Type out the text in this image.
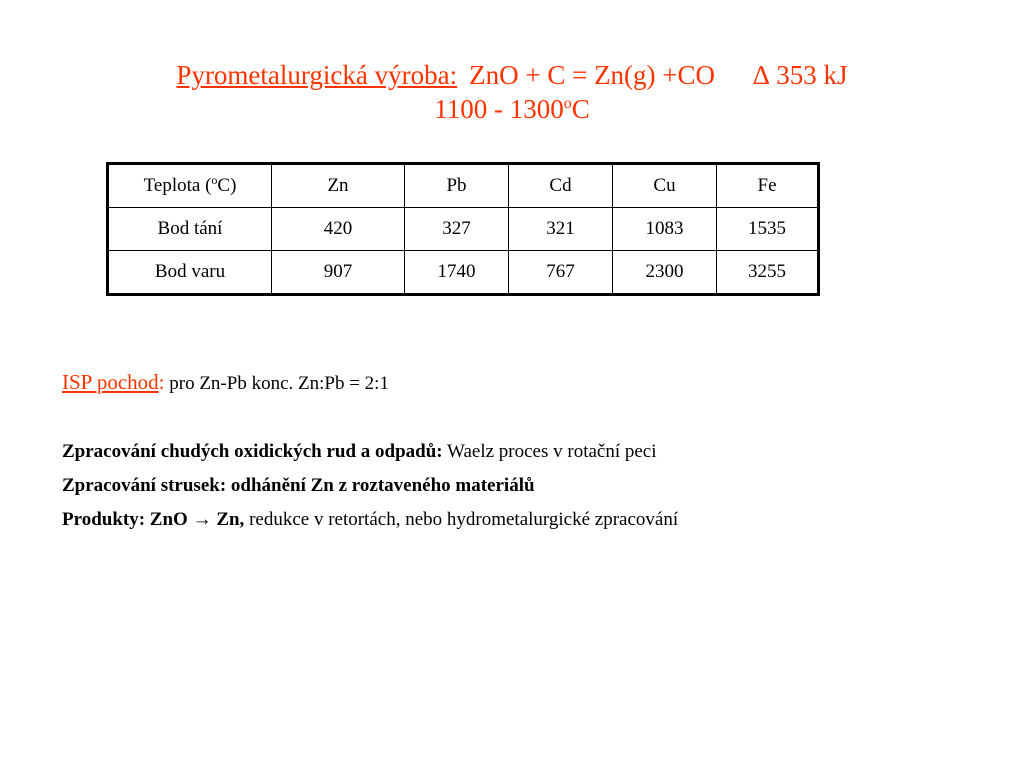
Pyrometalurgická výroba: ZnO + C = Zn(g) +CO ∆ 353 kJ
1100 - 1300$^o$C
Teplota ($^o$C)	Zn	Pb	Cd	Cu	Fe
Bod tání	420	327	321	1083	1535
Bod varu	907	1740	767	2300	3255
ISP pochod: pro Zn-Pb konc. Zn:Pb = 2:1
Zpracování chudých oxidických rud a odpadů: Waelz proces v rotační peci
Zpracování strusek: odhánění Zn z roztaveného materiálů
Produkty: ZnO → Zn, redukce v retortách, nebo hydrometalurgické zpracování
